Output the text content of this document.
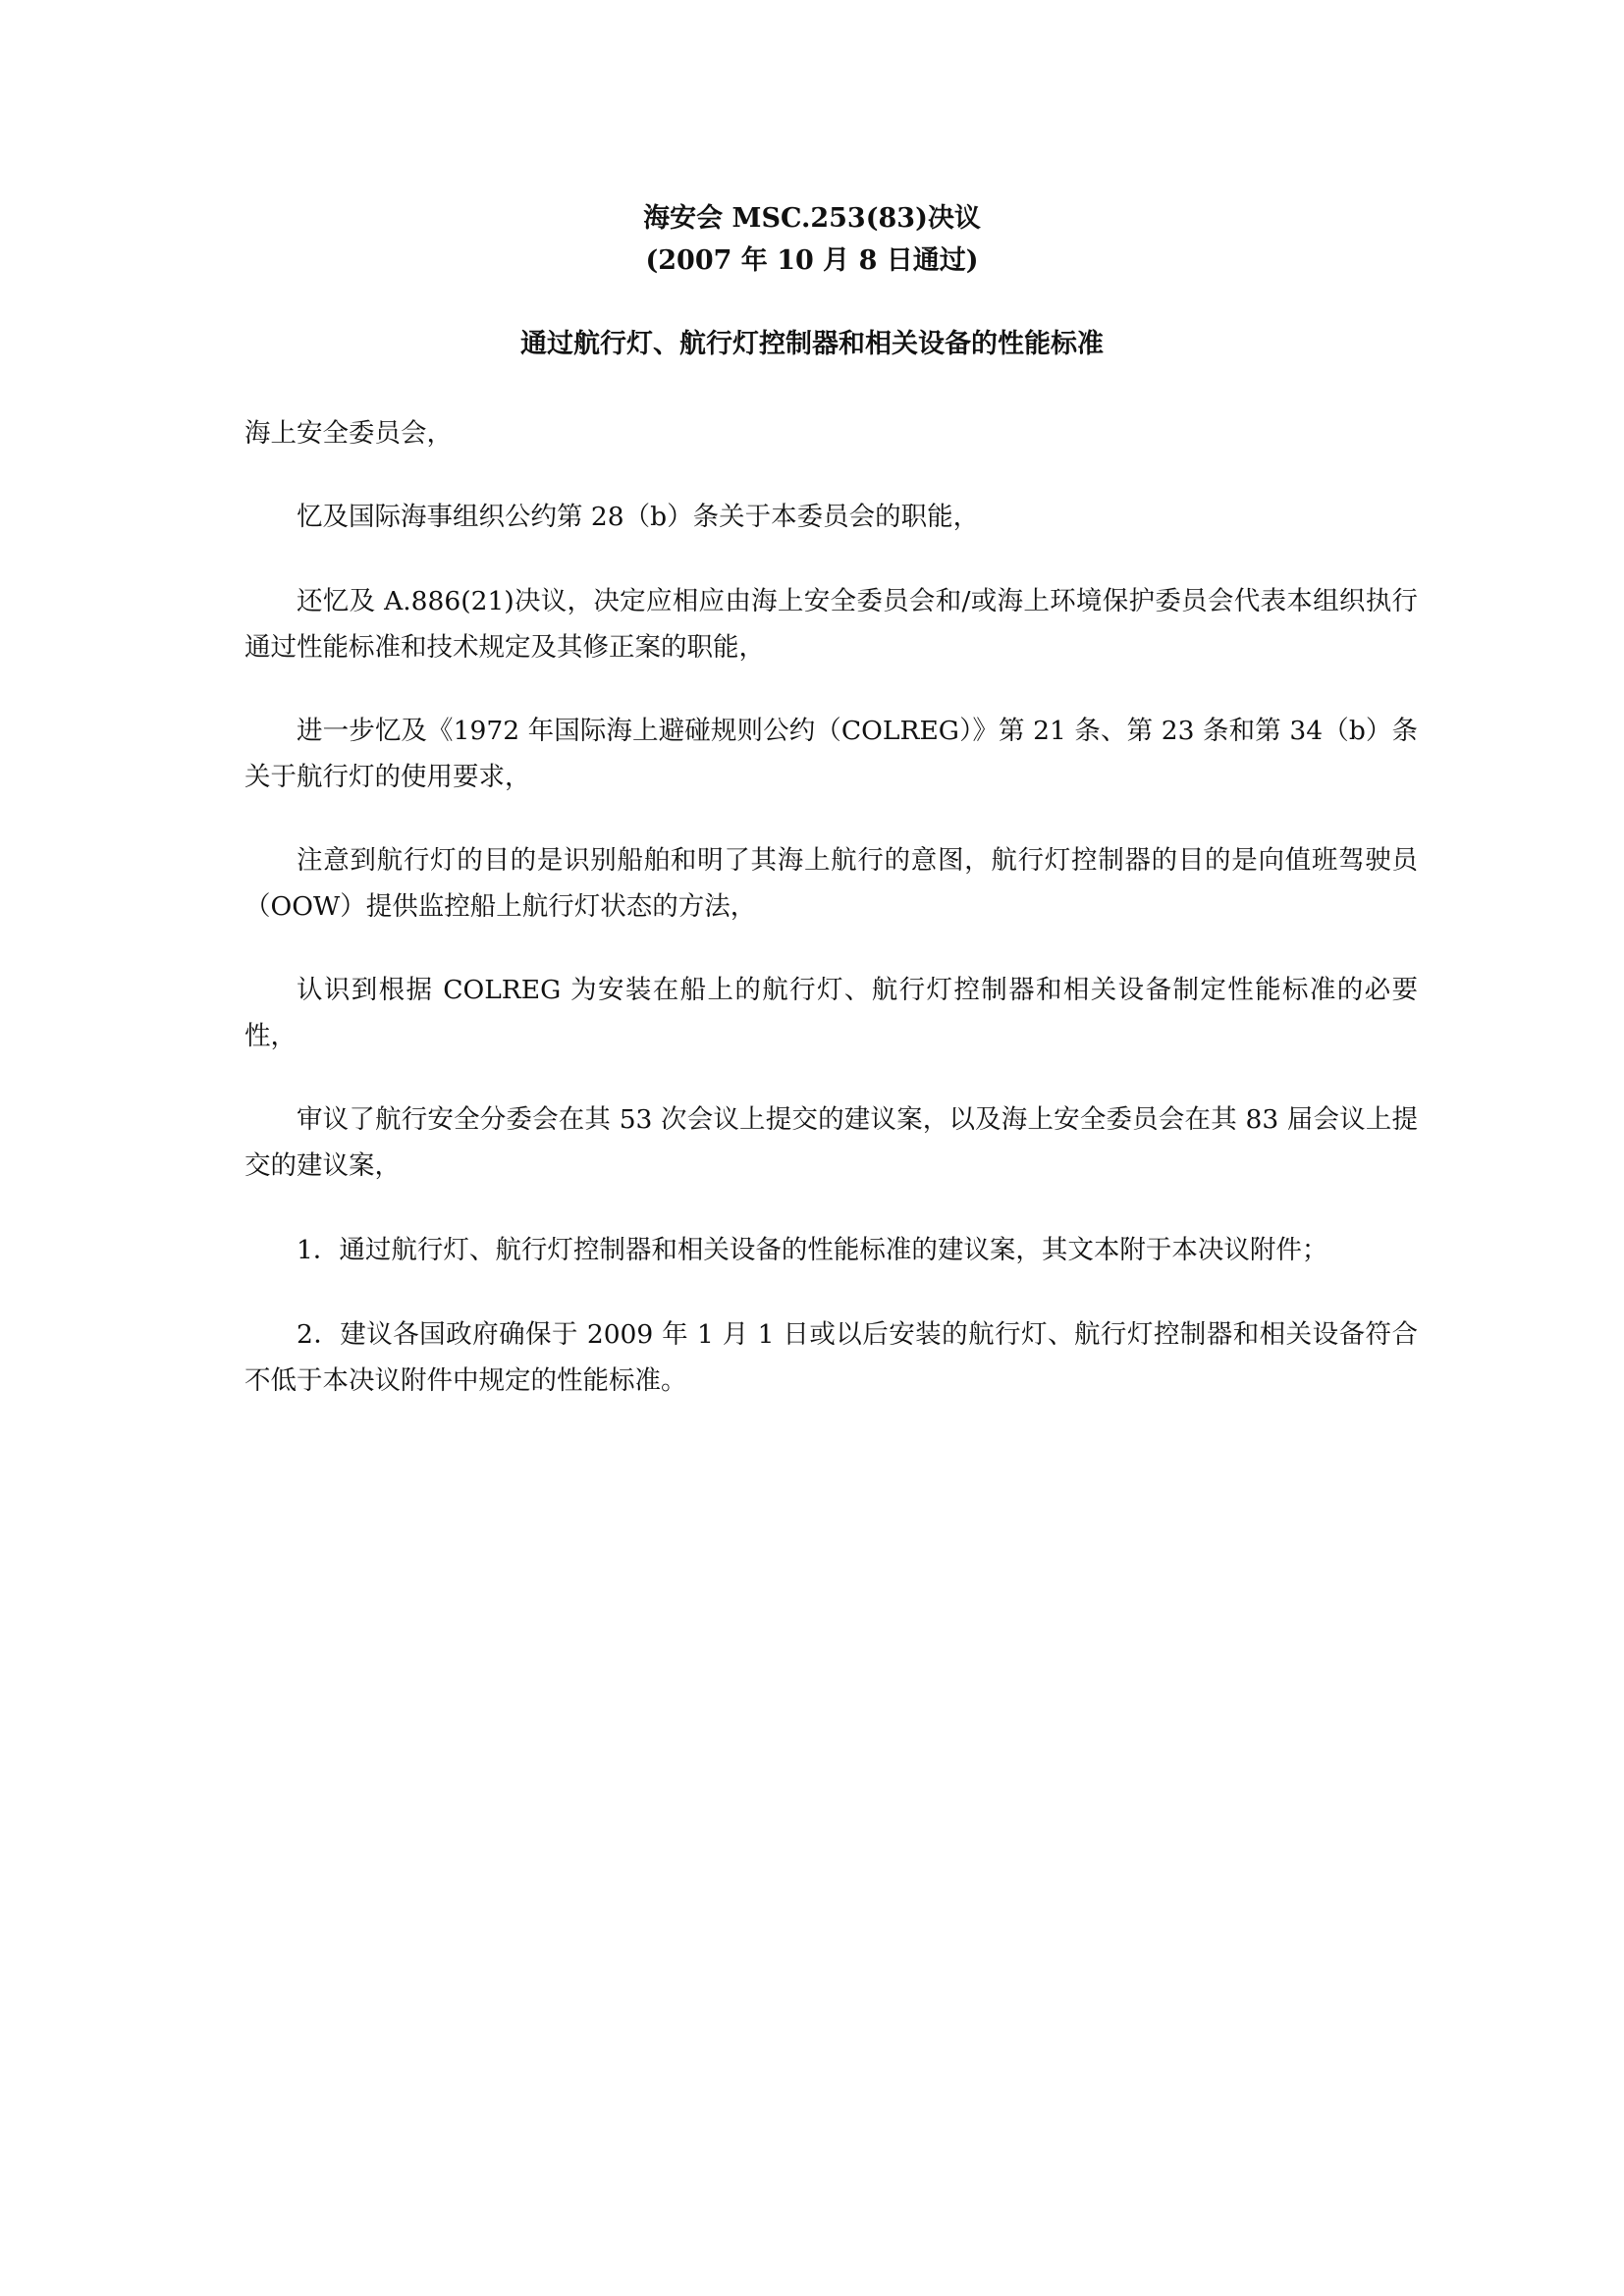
海安会 MSC.253(83)决议
(2007 年 10 月 8 日通过)
通过航行灯、航行灯控制器和相关设备的性能标准

海上安全委员会，

忆及国际海事组织公约第 28（b）条关于本委员会的职能，

还忆及 A.886(21)决议，决定应相应由海上安全委员会和/或海上环境保护委员会代表本组织执行通过性能标准和技术规定及其修正案的职能，

进一步忆及《1972 年国际海上避碰规则公约（COLREG）》第 21 条、第 23 条和第 34（b）条关于航行灯的使用要求，

注意到航行灯的目的是识别船舶和明了其海上航行的意图，航行灯控制器的目的是向值班驾驶员（OOW）提供监控船上航行灯状态的方法，

认识到根据 COLREG 为安装在船上的航行灯、航行灯控制器和相关设备制定性能标准的必要性，

审议了航行安全分委会在其 53 次会议上提交的建议案，以及海上安全委员会在其 83 届会议上提交的建议案，

1．通过航行灯、航行灯控制器和相关设备的性能标准的建议案，其文本附于本决议附件；

2．建议各国政府确保于 2009 年 1 月 1 日或以后安装的航行灯、航行灯控制器和相关设备符合不低于本决议附件中规定的性能标准。
